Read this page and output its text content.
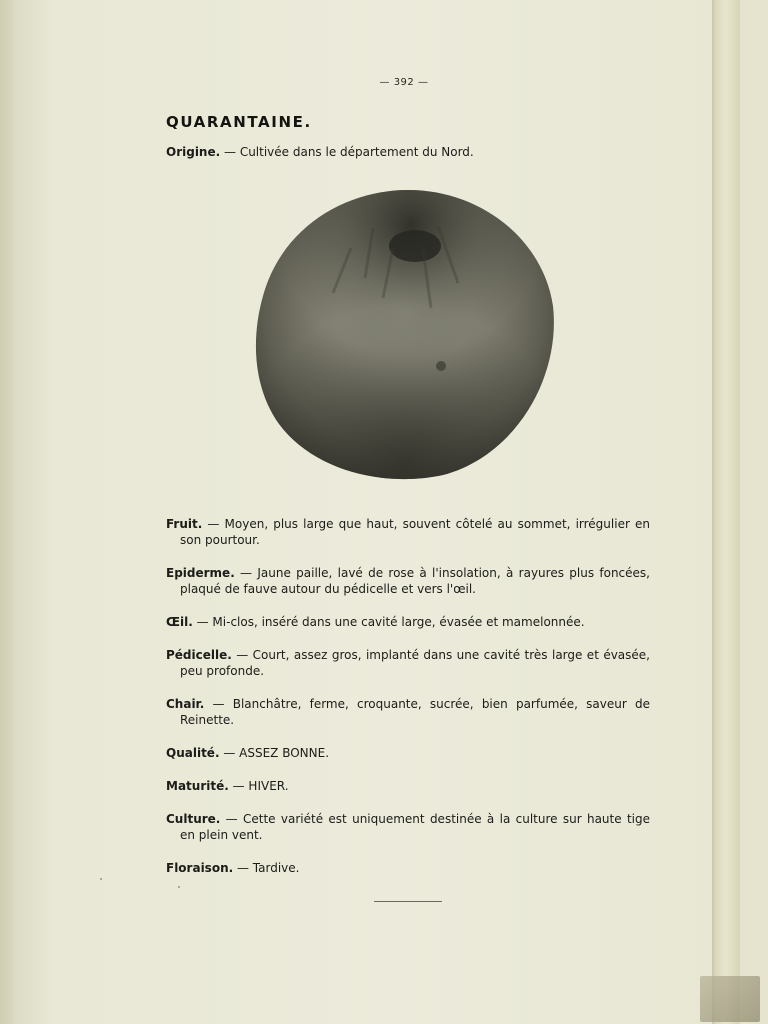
— 392 —
QUARANTAINE.
Origine. — Cultivée dans le département du Nord.
Fruit. — Moyen, plus large que haut, souvent côtelé au sommet, irrégulier en son pourtour.
Epiderme. — Jaune paille, lavé de rose à l'insolation, à rayures plus foncées, plaqué de fauve autour du pédicelle et vers l'œil.
Œil. — Mi-clos, inséré dans une cavité large, évasée et mamelonnée.
Pédicelle. — Court, assez gros, implanté dans une cavité très large et évasée, peu profonde.
Chair. — Blanchâtre, ferme, croquante, sucrée, bien parfumée, saveur de Reinette.
Qualité. — ASSEZ BONNE.
Maturité. — HIVER.
Culture. — Cette variété est uniquement destinée à la culture sur haute tige en plein vent.
Floraison. — Tardive.
